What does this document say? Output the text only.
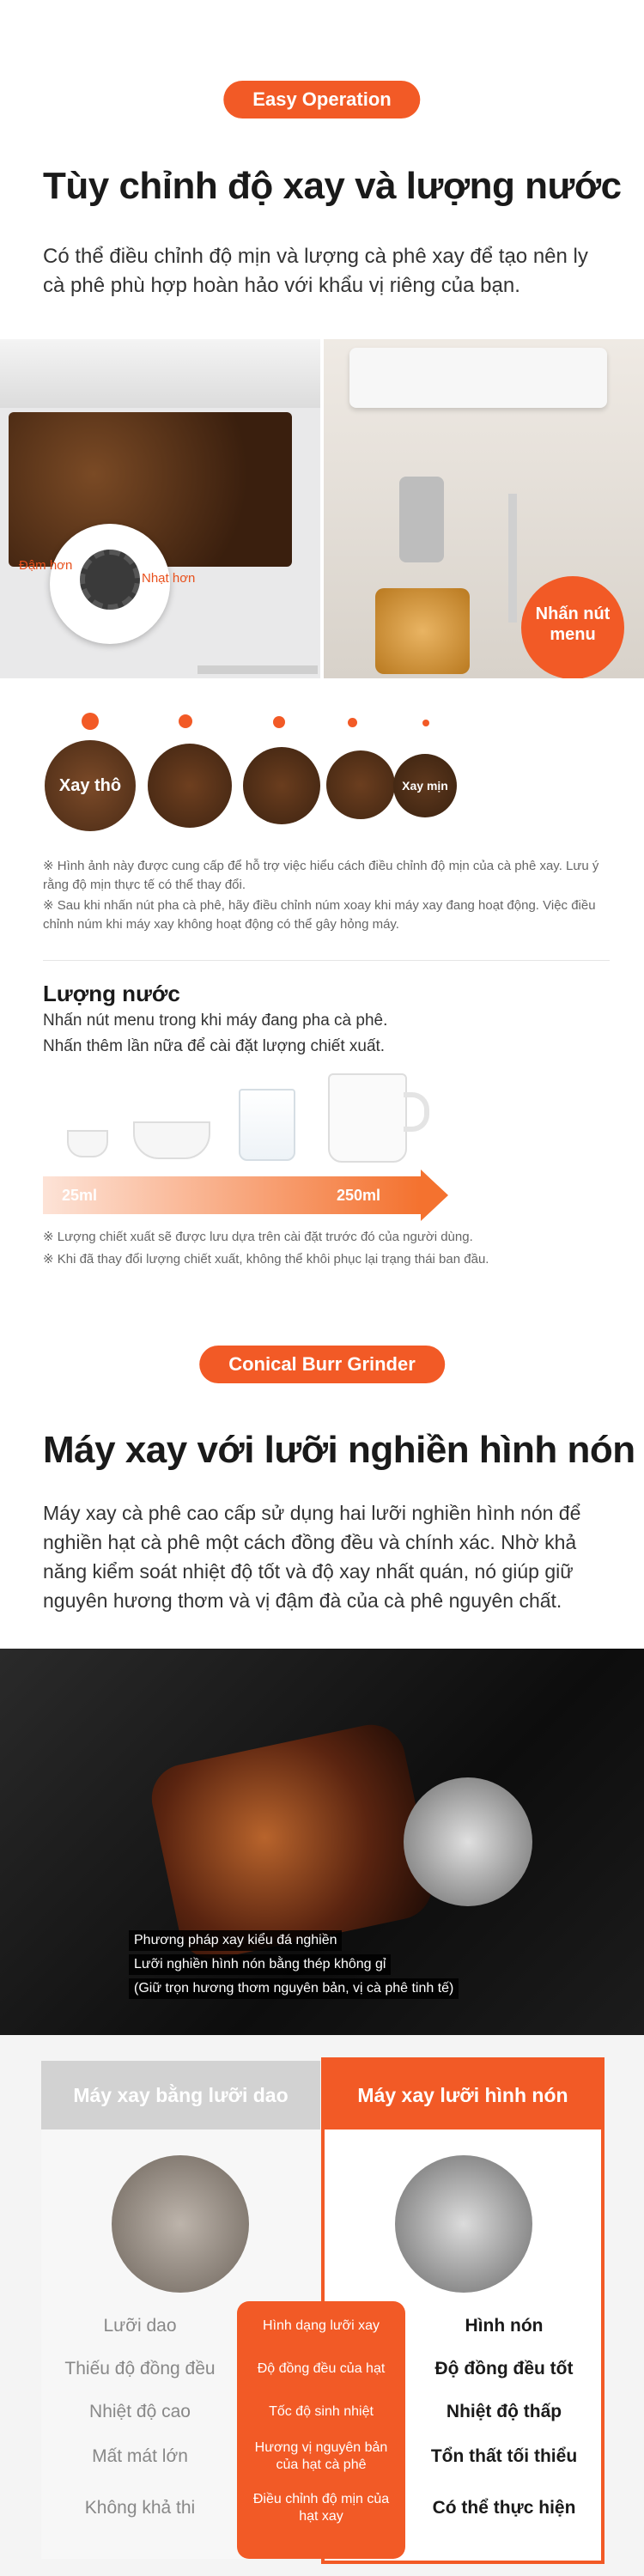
Easy Operation
Tùy chỉnh độ xay và lượng nước
Có thể điều chỉnh độ mịn và lượng cà phê xay để tạo nên ly cà phê phù hợp hoàn hảo với khẩu vị riêng của bạn.
Đậm hơn
Nhạt hơn
Nhấn nút menu
Xay thô	Xay mịn
※ Hình ảnh này được cung cấp để hỗ trợ việc hiểu cách điều chỉnh độ mịn của cà phê xay. Lưu ý rằng độ mịn thực tế có thể thay đổi.
※ Sau khi nhấn nút pha cà phê, hãy điều chỉnh núm xoay khi máy xay đang hoạt động. Việc điều chỉnh núm khi máy xay không hoạt động có thể gây hỏng máy.
Lượng nước
Nhấn nút menu trong khi máy đang pha cà phê.
Nhấn thêm lần nữa để cài đặt lượng chiết xuất.
25ml	250ml
※ Lượng chiết xuất sẽ được lưu dựa trên cài đặt trước đó của người dùng.
※ Khi đã thay đổi lượng chiết xuất, không thể khôi phục lại trạng thái ban đầu.
Conical Burr Grinder
Máy xay với lưỡi nghiền hình nón
Máy xay cà phê cao cấp sử dụng hai lưỡi nghiền hình nón để nghiền hạt cà phê một cách đồng đều và chính xác. Nhờ khả năng kiểm soát nhiệt độ tốt và độ xay nhất quán, nó giúp giữ nguyên hương thơm và vị đậm đà của cà phê nguyên chất.
Phương pháp xay kiểu đá nghiền
Lưỡi nghiền hình nón bằng thép không gỉ
(Giữ trọn hương thơm nguyên bản, vị cà phê tinh tế)
Máy xay bằng lưỡi dao	Máy xay lưỡi hình nón
Lưỡi dao	Hình dạng lưỡi xay	Hình nón
Thiếu độ đồng đều	Độ đồng đều của hạt	Độ đồng đều tốt
Nhiệt độ cao	Tốc độ sinh nhiệt	Nhiệt độ thấp
Mất mát lớn	Hương vị nguyên bản của hạt cà phê	Tổn thất tối thiểu
Không khả thi	Điều chỉnh độ mịn của hạt xay	Có thể thực hiện
